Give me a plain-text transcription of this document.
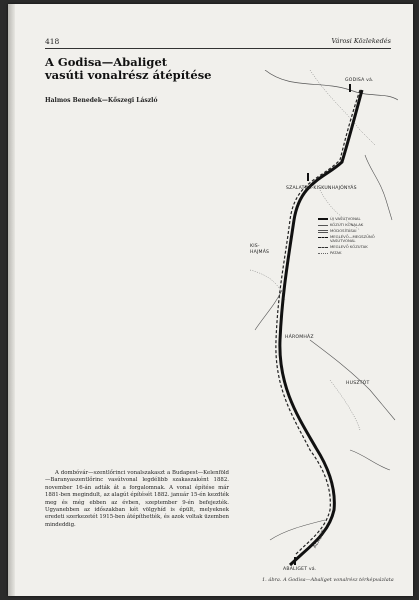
418	Városi Közlekedés
A Godisa—Abaliget
vasúti vonalrész átépítése
Halmos Benedek—Kőszegi László

A dombóvár—szentlőrinci vonalszakaszt a Budapest—Kelenföld—Baranyaszentlőrinc vasútvonal legdélibb szakaszaként 1882. november 16-án adták át a forgalomnak. A vonal építése már 1881-ben megindult, az alagút építését 1882. január 15-én kezdték meg és még ebben az évben, szeptember 9-én befejezték. Ugyanebben az időszakban két völgyhíd is épült, melyeknek eredeti szerkezetét 1915-ben átépíthették, és azok voltak üzemben mindeddig.

GODISA vá.
SZALATNA-KISKUNHAJÓNYÁS
KIS-
HAJMÁS
HÁROMHÁZ
HUSZTÓT
ALAGÚT
ABALIGET vá.
ÚJ VASÚTVONAL
KÖZÚTI KONALAK
MÓDOSÍTÁSAI
MEGLÉVŐ—MEGSZŰNŐ VASÚTVONAL
MEGLEVŐ KÖZUTAK
PATAK

1. ábra. A Godisa—Abaliget vonalrész térképvázlata
